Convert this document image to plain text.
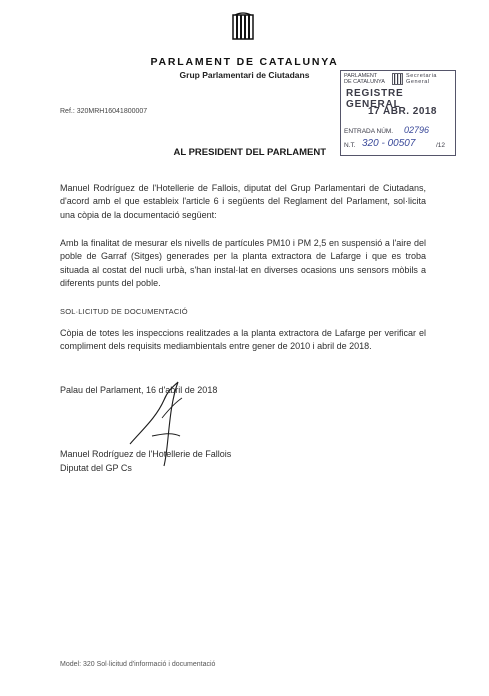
PARLAMENT DE CATALUNYA
Grup Parlamentari de Ciutadans	PARLAMENT
DE CATALUNYA
Secretaria
General
REGISTRE GENERAL
17 ABR. 2018
ENTRADA NÚM. 02796
N.T. 320 - 00507	/12
Ref.: 320MRH16041800007
AL PRESIDENT DEL PARLAMENT
Manuel Rodríguez de l'Hotellerie de Fallois, diputat del Grup Parlamentari de Ciutadans, d'acord amb el que estableix l'article 6 i següents del Reglament del Parlament, sol·licita una còpia de la documentació següent:
Amb la finalitat de mesurar els nivells de partícules PM10 i PM 2,5 en suspensió a l'aire del poble de Garraf (Sitges) generades per la planta extractora de Lafarge i que es troba situada al costat del nucli urbà, s'han instal·lat en diverses ocasions uns sensors mòbils a diferents punts del poble.
SOL·LICITUD DE DOCUMENTACIÓ
Còpia de totes les inspeccions realitzades a la planta extractora de Lafarge per verificar el compliment dels requisits mediambientals entre gener de 2010 i abril de 2018.
Palau del Parlament, 16 d'abril de 2018
Manuel Rodríguez de l'Hotellerie de Fallois
Diputat del GP Cs
Model: 320 Sol·licitud d'informació i documentació
